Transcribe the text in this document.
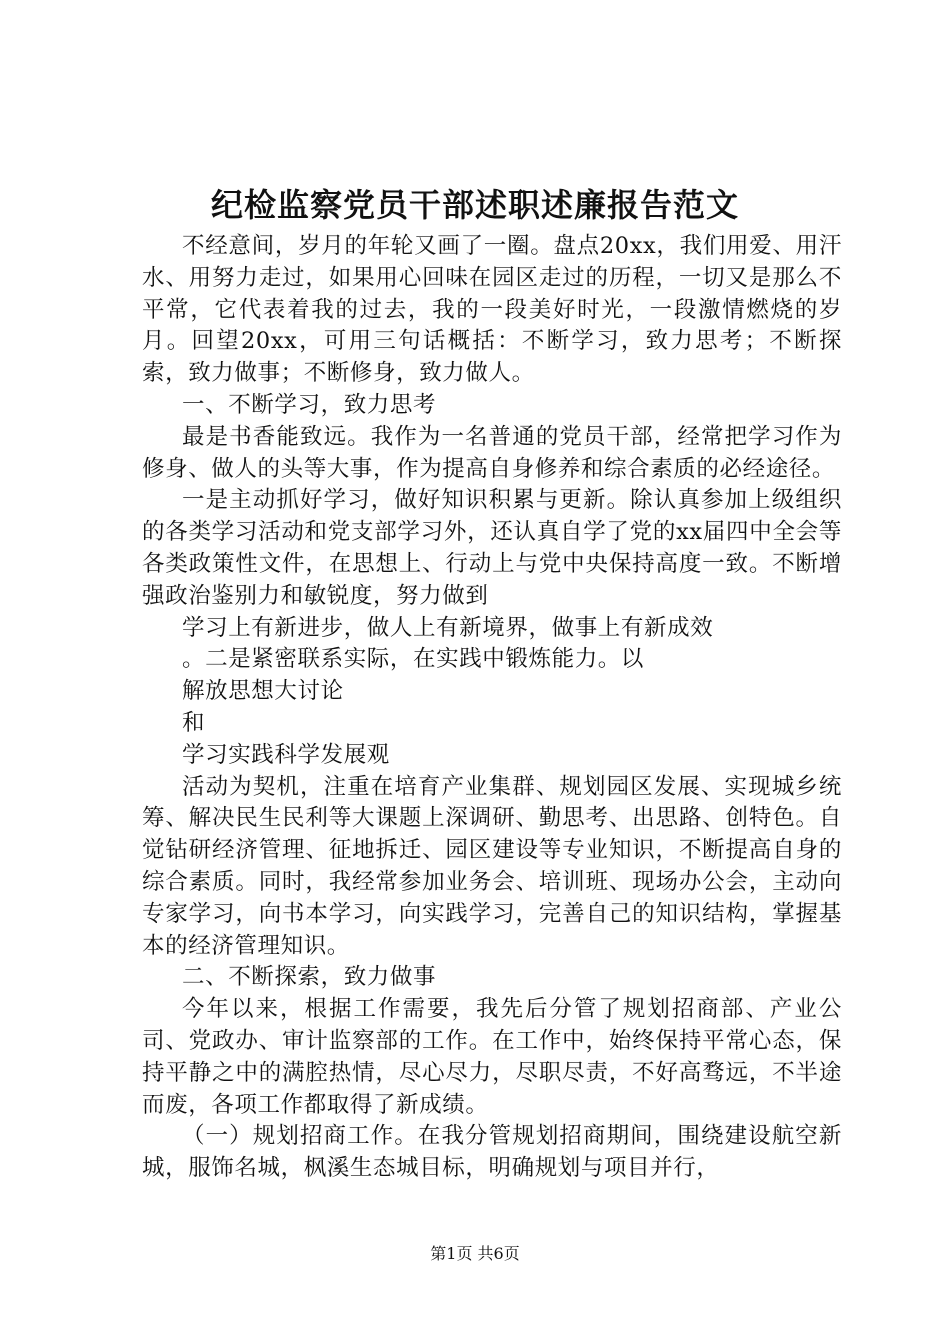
纪检监察党员干部述职述廉报告范文

不经意间，岁月的年轮又画了一圈。盘点20xx，我们用爱、用汗水、用努力走过，如果用心回味在园区走过的历程，一切又是那么不平常，它代表着我的过去，我的一段美好时光，一段激情燃烧的岁月。回望20xx，可用三句话概括：不断学习，致力思考；不断探索，致力做事；不断修身，致力做人。

一、不断学习，致力思考

最是书香能致远。我作为一名普通的党员干部，经常把学习作为修身、做人的头等大事，作为提高自身修养和综合素质的必经途径。

一是主动抓好学习，做好知识积累与更新。除认真参加上级组织的各类学习活动和党支部学习外，还认真自学了党的xx届四中全会等各类政策性文件，在思想上、行动上与党中央保持高度一致。不断增强政治鉴别力和敏锐度，努力做到

学习上有新进步，做人上有新境界，做事上有新成效

。二是紧密联系实际，在实践中锻炼能力。以

解放思想大讨论

和

学习实践科学发展观

活动为契机，注重在培育产业集群、规划园区发展、实现城乡统筹、解决民生民利等大课题上深调研、勤思考、出思路、创特色。自觉钻研经济管理、征地拆迁、园区建设等专业知识，不断提高自身的综合素质。同时，我经常参加业务会、培训班、现场办公会，主动向专家学习，向书本学习，向实践学习，完善自己的知识结构，掌握基本的经济管理知识。

二、不断探索，致力做事

今年以来，根据工作需要，我先后分管了规划招商部、产业公司、党政办、审计监察部的工作。在工作中，始终保持平常心态，保持平静之中的满腔热情，尽心尽力，尽职尽责，不好高骛远，不半途而废，各项工作都取得了新成绩。

（一）规划招商工作。在我分管规划招商期间，围绕建设航空新城，服饰名城，枫溪生态城目标，明确规划与项目并行，

第1页 共6页
